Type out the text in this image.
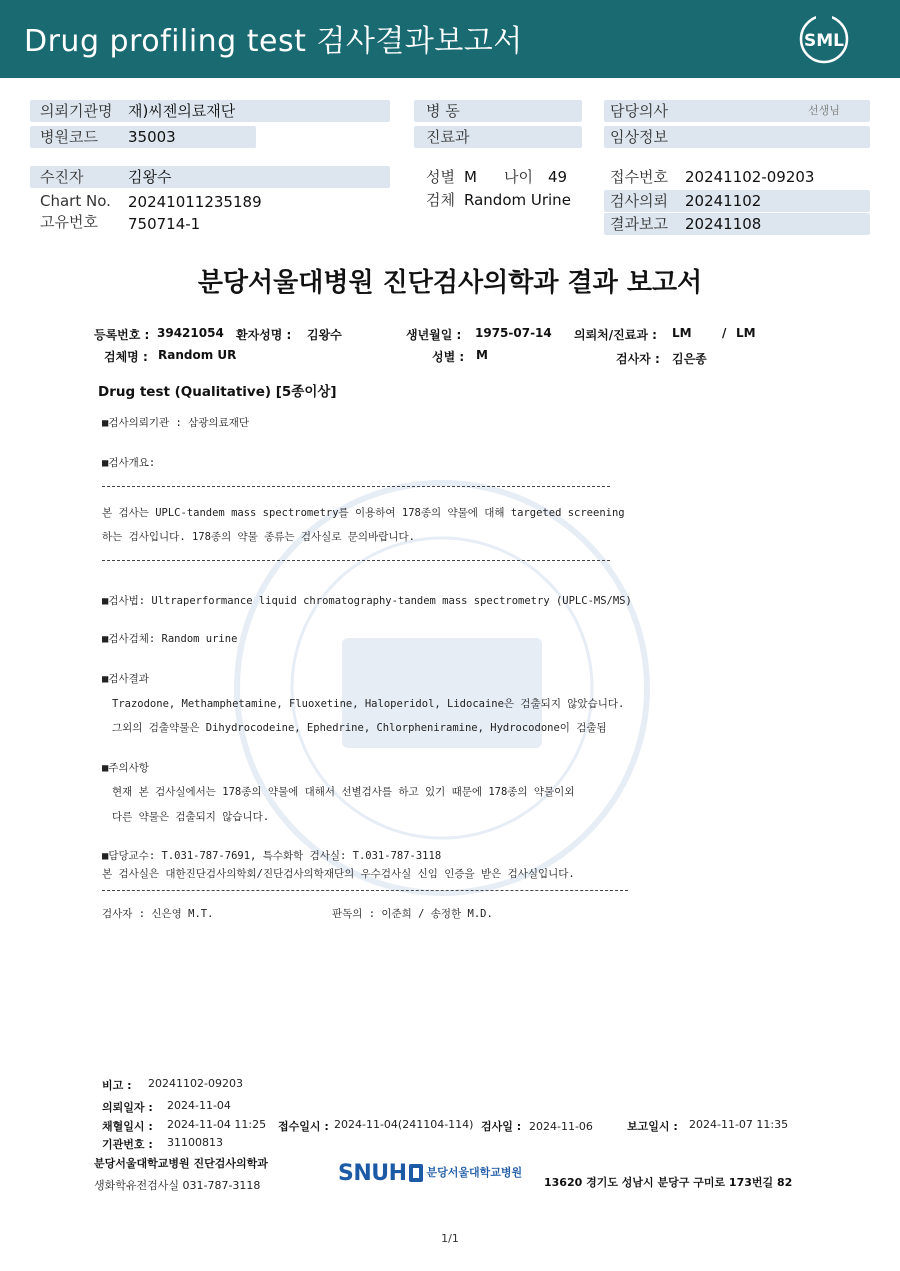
Drug profiling test 검사결과보고서	SML
의뢰기관명 재)씨젠의료재단
병원코드 35003
병 동
진료과
담당의사	선생님
임상정보
수진자	김왕수
Chart No. 20241011235189
고유번호 750714-1
성별 M 나이 49
검체 Random Urine
접수번호 20241102-09203
검사의뢰 20241102
결과보고 20241108
분당서울대병원 진단검사의학과 결과 보고서
등록번호 : 39421054 환자성명 : 김왕수	생년월일 : 1975-07-14 의뢰처/진료과 : LM	/ LM
검체명 : Random UR	성별 : M	검사자 : 김은종
Drug test (Qualitative) [5종이상]
■검사의뢰기관 : 삼광의료재단
■검사개요:
본 검사는 UPLC-tandem mass spectrometry를 이용하여 178종의 약물에 대해 targeted screening
하는 검사입니다. 178종의 약물 종류는 검사실로 문의바랍니다.
■검사법: Ultraperformance liquid chromatography-tandem mass spectrometry (UPLC-MS/MS)
■검사검체: Random urine
■검사결과
Trazodone, Methamphetamine, Fluoxetine, Haloperidol, Lidocaine은 검출되지 않았습니다.
그외의 검출약물은 Dihydrocodeine, Ephedrine, Chlorpheniramine, Hydrocodone이 검출됨
■주의사항
현재 본 검사실에서는 178종의 약물에 대해서 선별검사를 하고 있기 때문에 178종의 약물이외
다른 약물은 검출되지 않습니다.
■담당교수: T.031-787-7691, 특수화학 검사실: T.031-787-3118
본 검사실은 대한진단검사의학회/진단검사의학재단의 우수검사실 신임 인증을 받은 검사실입니다.
검사자 : 신은영 M.T.	판독의 : 이준희 / 송정한 M.D.
비고 : 20241102-09203
의뢰일자 : 2024-11-04
채혈일시 : 2024-11-04 11:25 접수일시 : 2024-11-04(241104-114) 검사일 : 2024-11-06	보고일시 : 2024-11-07 11:35
기관번호 : 31100813
분당서울대학교병원 진단검사의학과
생화학유전검사실 031-787-3118	SNUH 분당서울대학교병원
13620 경기도 성남시 분당구 구미로 173번길 82
1/1
